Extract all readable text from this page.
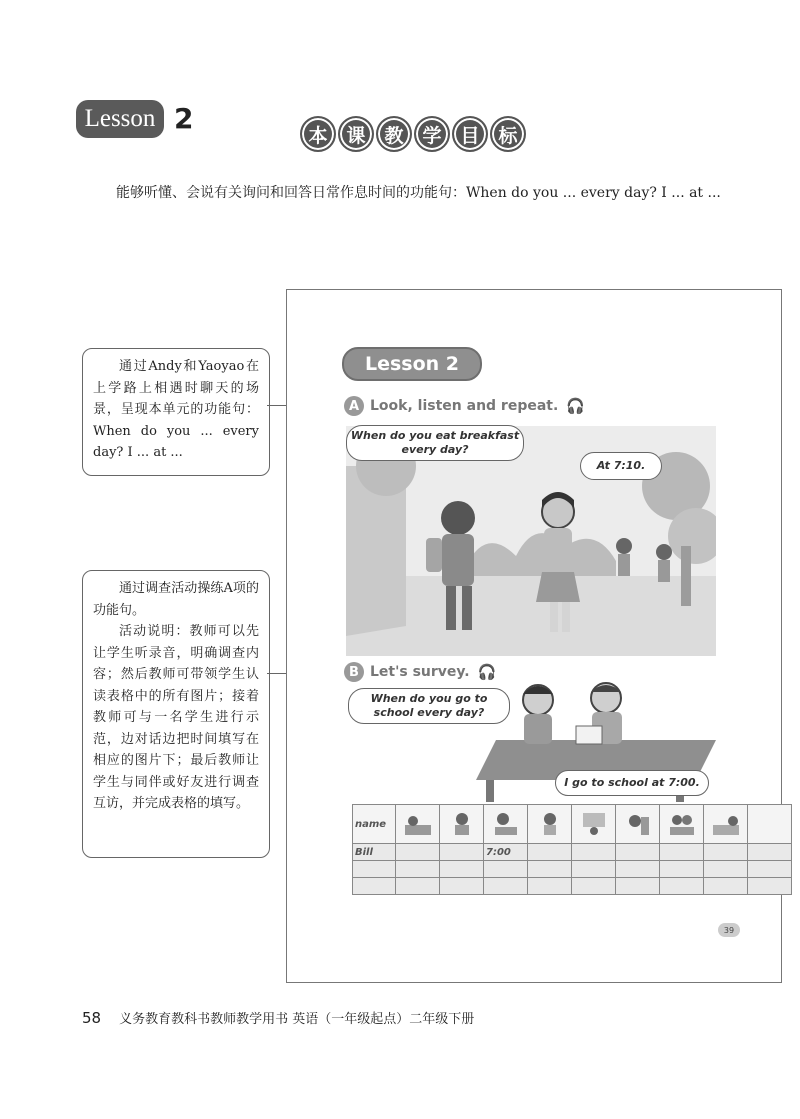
Lesson 2
本 课 教 学 目 标
能够听懂、会说有关询问和回答日常作息时间的功能句：When do you ... every day? I ... at ...

通过Andy和Yaoyao在上学路上相遇时聊天的场景，呈现本单元的功能句：When do you ... every day? I ... at ...

通过调查活动操练A项的功能句。

活动说明：教师可以先让学生听录音，明确调查内容；然后教师可带领学生认读表格中的所有图片；接着教师可与一名学生进行示范，边对话边把时间填写在相应的图片下；最后教师让学生与同伴或好友进行调查互访，并完成表格的填写。

Lesson 2
A Look, listen and repeat. 🎧
When do you eat breakfast every day?
At 7:10.
B Let's survey. 🎧
When do you go to school every day?
I go to school at 7:00.
name	

Bill			7:00						

39
58 义务教育教科书教师教学用书 英语（一年级起点）二年级下册
